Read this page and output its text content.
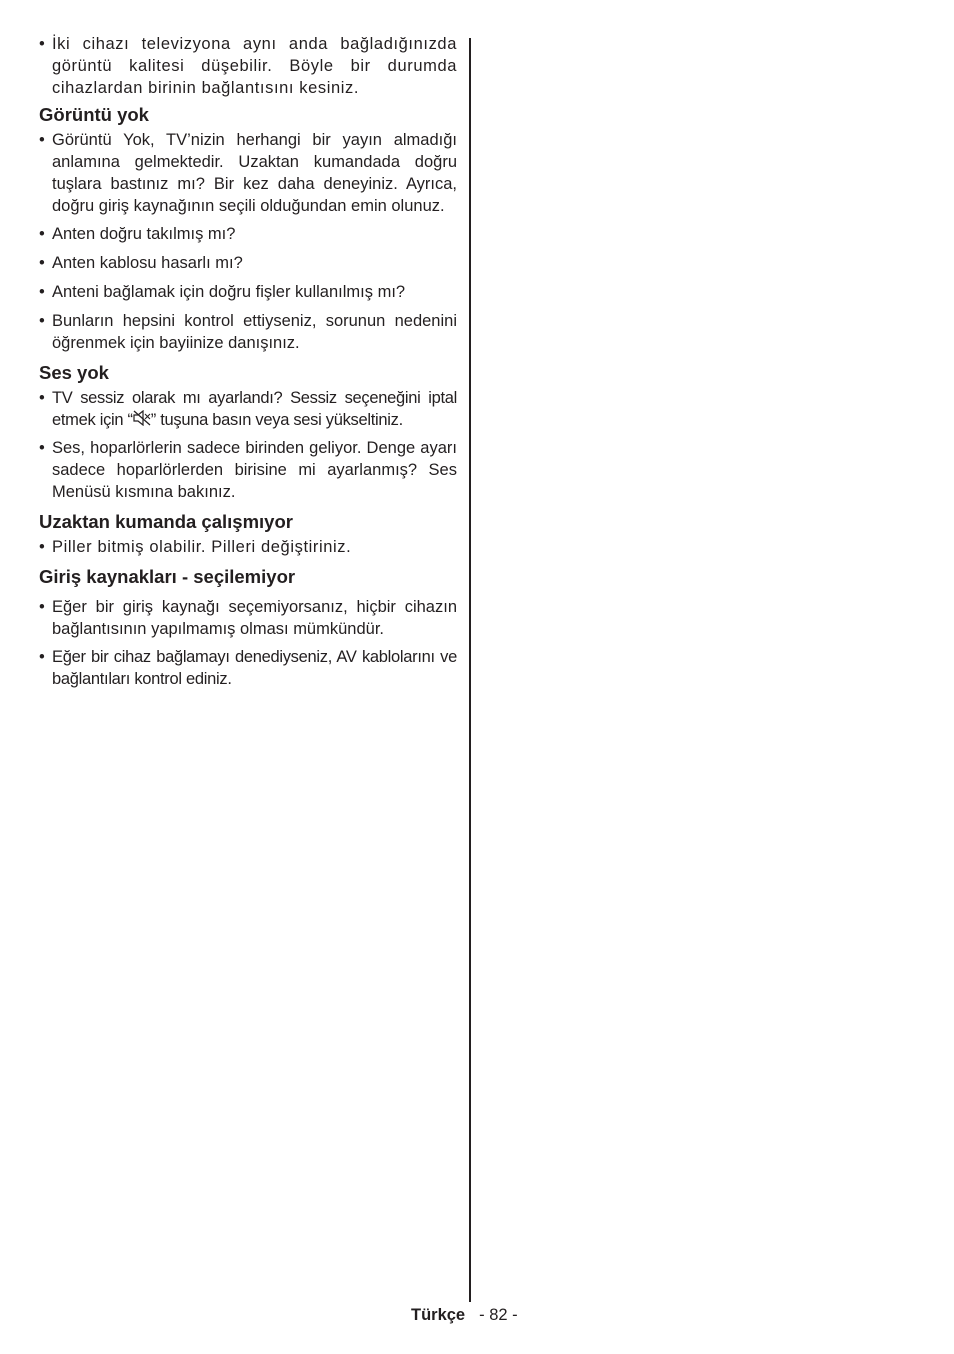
• İki cihazı televizyona aynı anda bağladığınızda görüntü kalitesi düşebilir. Böyle bir durumda cihazlardan birinin bağlantısını kesiniz.

Görüntü yok

• Görüntü Yok, TV’nizin herhangi bir yayın almadığı anlamına gelmektedir. Uzaktan kumandada doğru tuşlara bastınız mı? Bir kez daha deneyiniz. Ayrıca, doğru giriş kaynağının seçili olduğundan emin olunuz.

• Anten doğru takılmış mı?

• Anten kablosu hasarlı mı?

• Anteni bağlamak için doğru fişler kullanılmış mı?

• Bunların hepsini kontrol ettiyseniz, sorunun nedenini öğrenmek için bayiinize danışınız.

Ses yok

• TV sessiz olarak mı ayarlandı? Sessiz seçeneğini iptal etmek için “ ” tuşuna basın veya sesi yükseltiniz.

• Ses, hoparlörlerin sadece birinden geliyor. Denge ayarı sadece hoparlörlerden birisine mi ayarlanmış? Ses Menüsü kısmına bakınız.

Uzaktan kumanda çalışmıyor

• Piller bitmiş olabilir. Pilleri değiştiriniz.

Giriş kaynakları - seçilemiyor

• Eğer bir giriş kaynağı seçemiyorsanız, hiçbir cihazın bağlantısının yapılmamış olması mümkündür.

• Eğer bir cihaz bağlamayı denediyseniz, AV kablolarını ve bağlantıları kontrol ediniz.

Türkçe - 82 -
